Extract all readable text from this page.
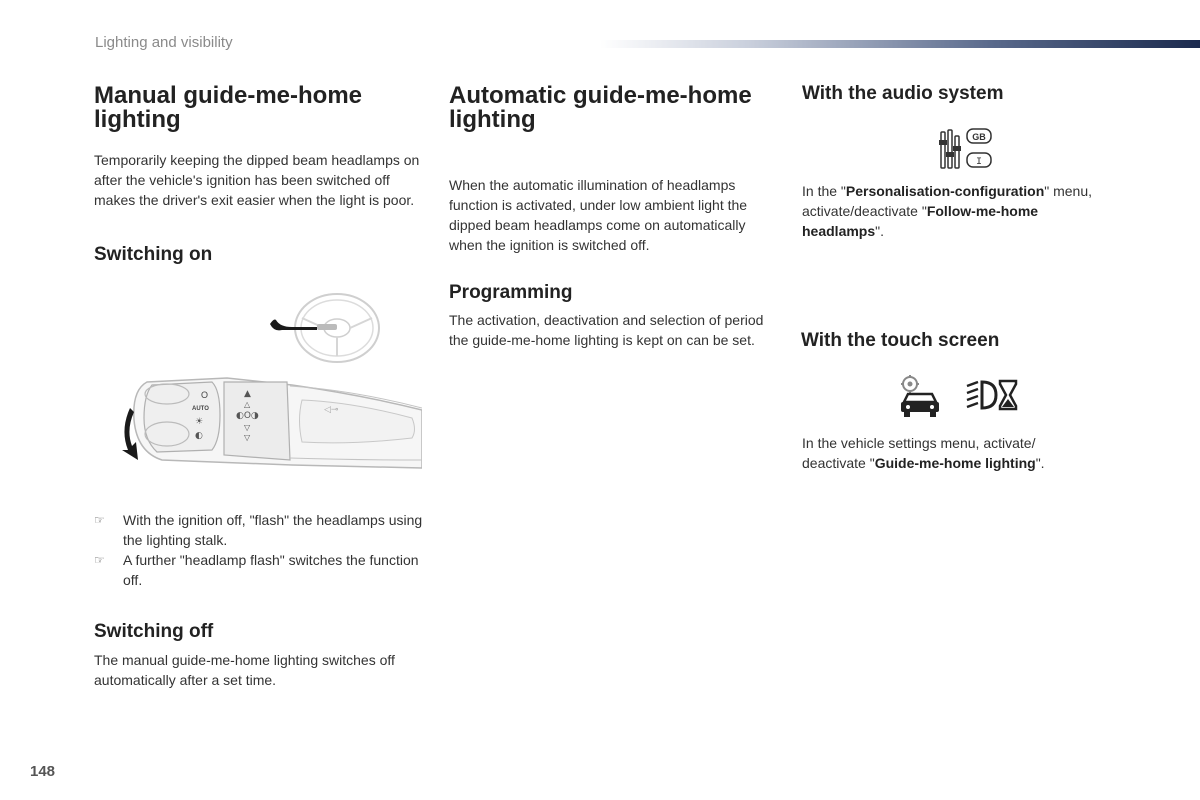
Lighting and visibility
Manual guide-me-home
lighting

Temporarily keeping the dipped beam headlamps on after the vehicle's ignition has been switched off makes the driver's exit easier when the light is poor.

Switching on
O
AUTO
☀
◐
▲
△
◐O◑
▽
▽
◁⊸
☞ With the ignition off, "flash" the headlamps using the lighting stalk.
☞ A further "headlamp flash" switches the function off.
Switching off

The manual guide-me-home lighting switches off automatically after a set time.

Automatic guide-me-home
lighting

When the automatic illumination of headlamps function is activated, under low ambient light the dipped beam headlamps come on automatically when the ignition is switched off.

Programming

The activation, deactivation and selection of period the guide-me-home lighting is kept on can be set.

With the audio system
GB
I

In the "Personalisation-configuration" menu, activate/deactivate "Follow-me-home headlamps".

With the touch screen

In the vehicle settings menu, activate/ deactivate "Guide-me-home lighting".

148
